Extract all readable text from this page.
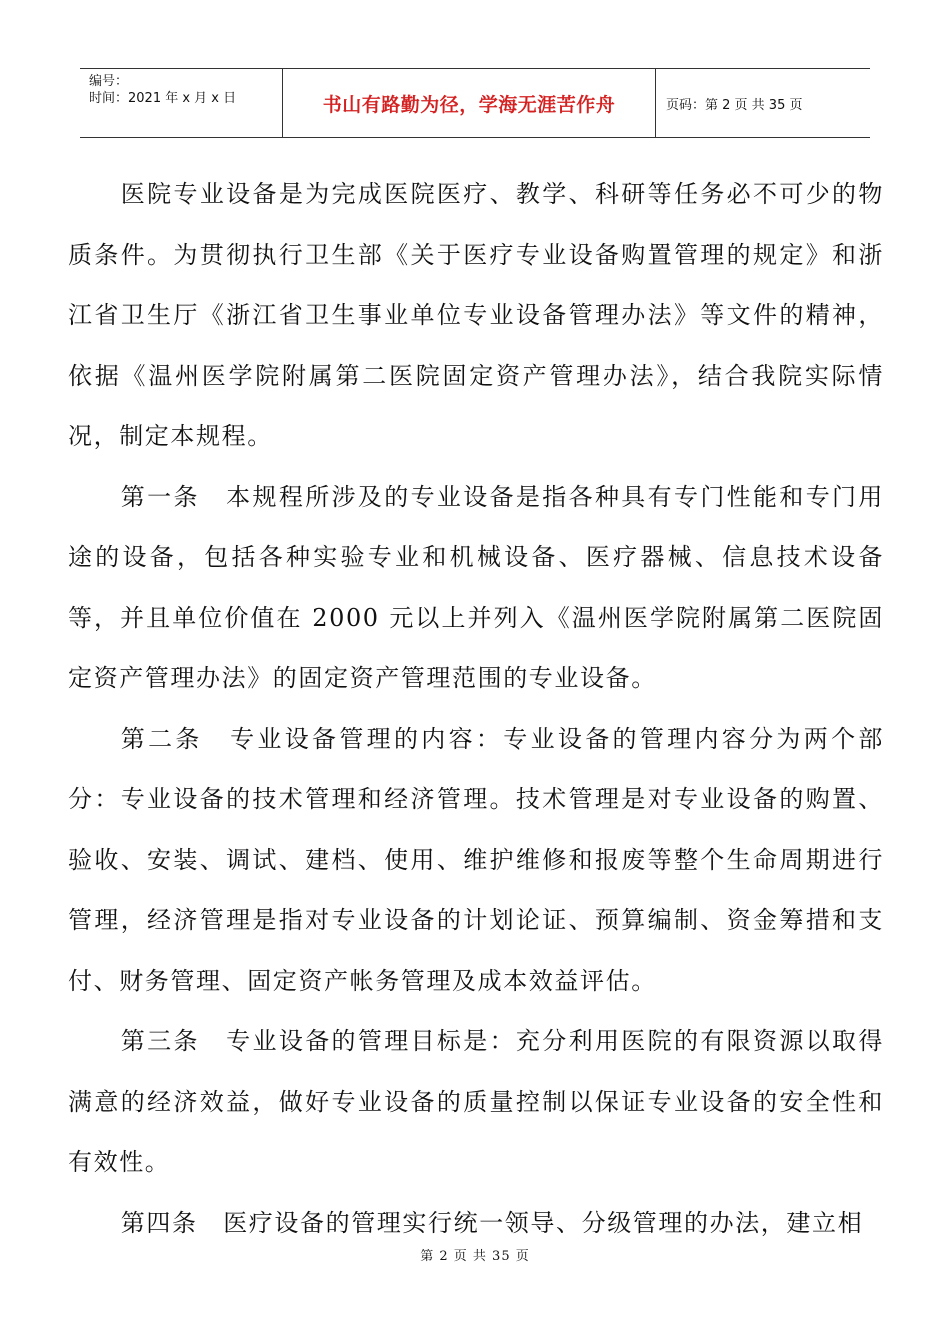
编号：
时间：2021 年 x 月 x 日	书山有路勤为径，学海无涯苦作舟	页码：第 2 页 共 35 页

医院专业设备是为完成医院医疗、教学、科研等任务必不可少的物质条件。为贯彻执行卫生部《关于医疗专业设备购置管理的规定》和浙江省卫生厅《浙江省卫生事业单位专业设备管理办法》等文件的精神，依据《温州医学院附属第二医院固定资产管理办法》，结合我院实际情况，制定本规程。

第一条　本规程所涉及的专业设备是指各种具有专门性能和专门用途的设备，包括各种实验专业和机械设备、医疗器械、信息技术设备等，并且单位价值在 2000 元以上并列入《温州医学院附属第二医院固定资产管理办法》的固定资产管理范围的专业设备。

第二条　专业设备管理的内容：专业设备的管理内容分为两个部分：专业设备的技术管理和经济管理。技术管理是对专业设备的购置、验收、安装、调试、建档、使用、维护维修和报废等整个生命周期进行管理，经济管理是指对专业设备的计划论证、预算编制、资金筹措和支付、财务管理、固定资产帐务管理及成本效益评估。

第三条　专业设备的管理目标是：充分利用医院的有限资源以取得满意的经济效益，做好专业设备的质量控制以保证专业设备的安全性和有效性。

第四条　医疗设备的管理实行统一领导、分级管理的办法，建立相

第 2 页 共 35 页
